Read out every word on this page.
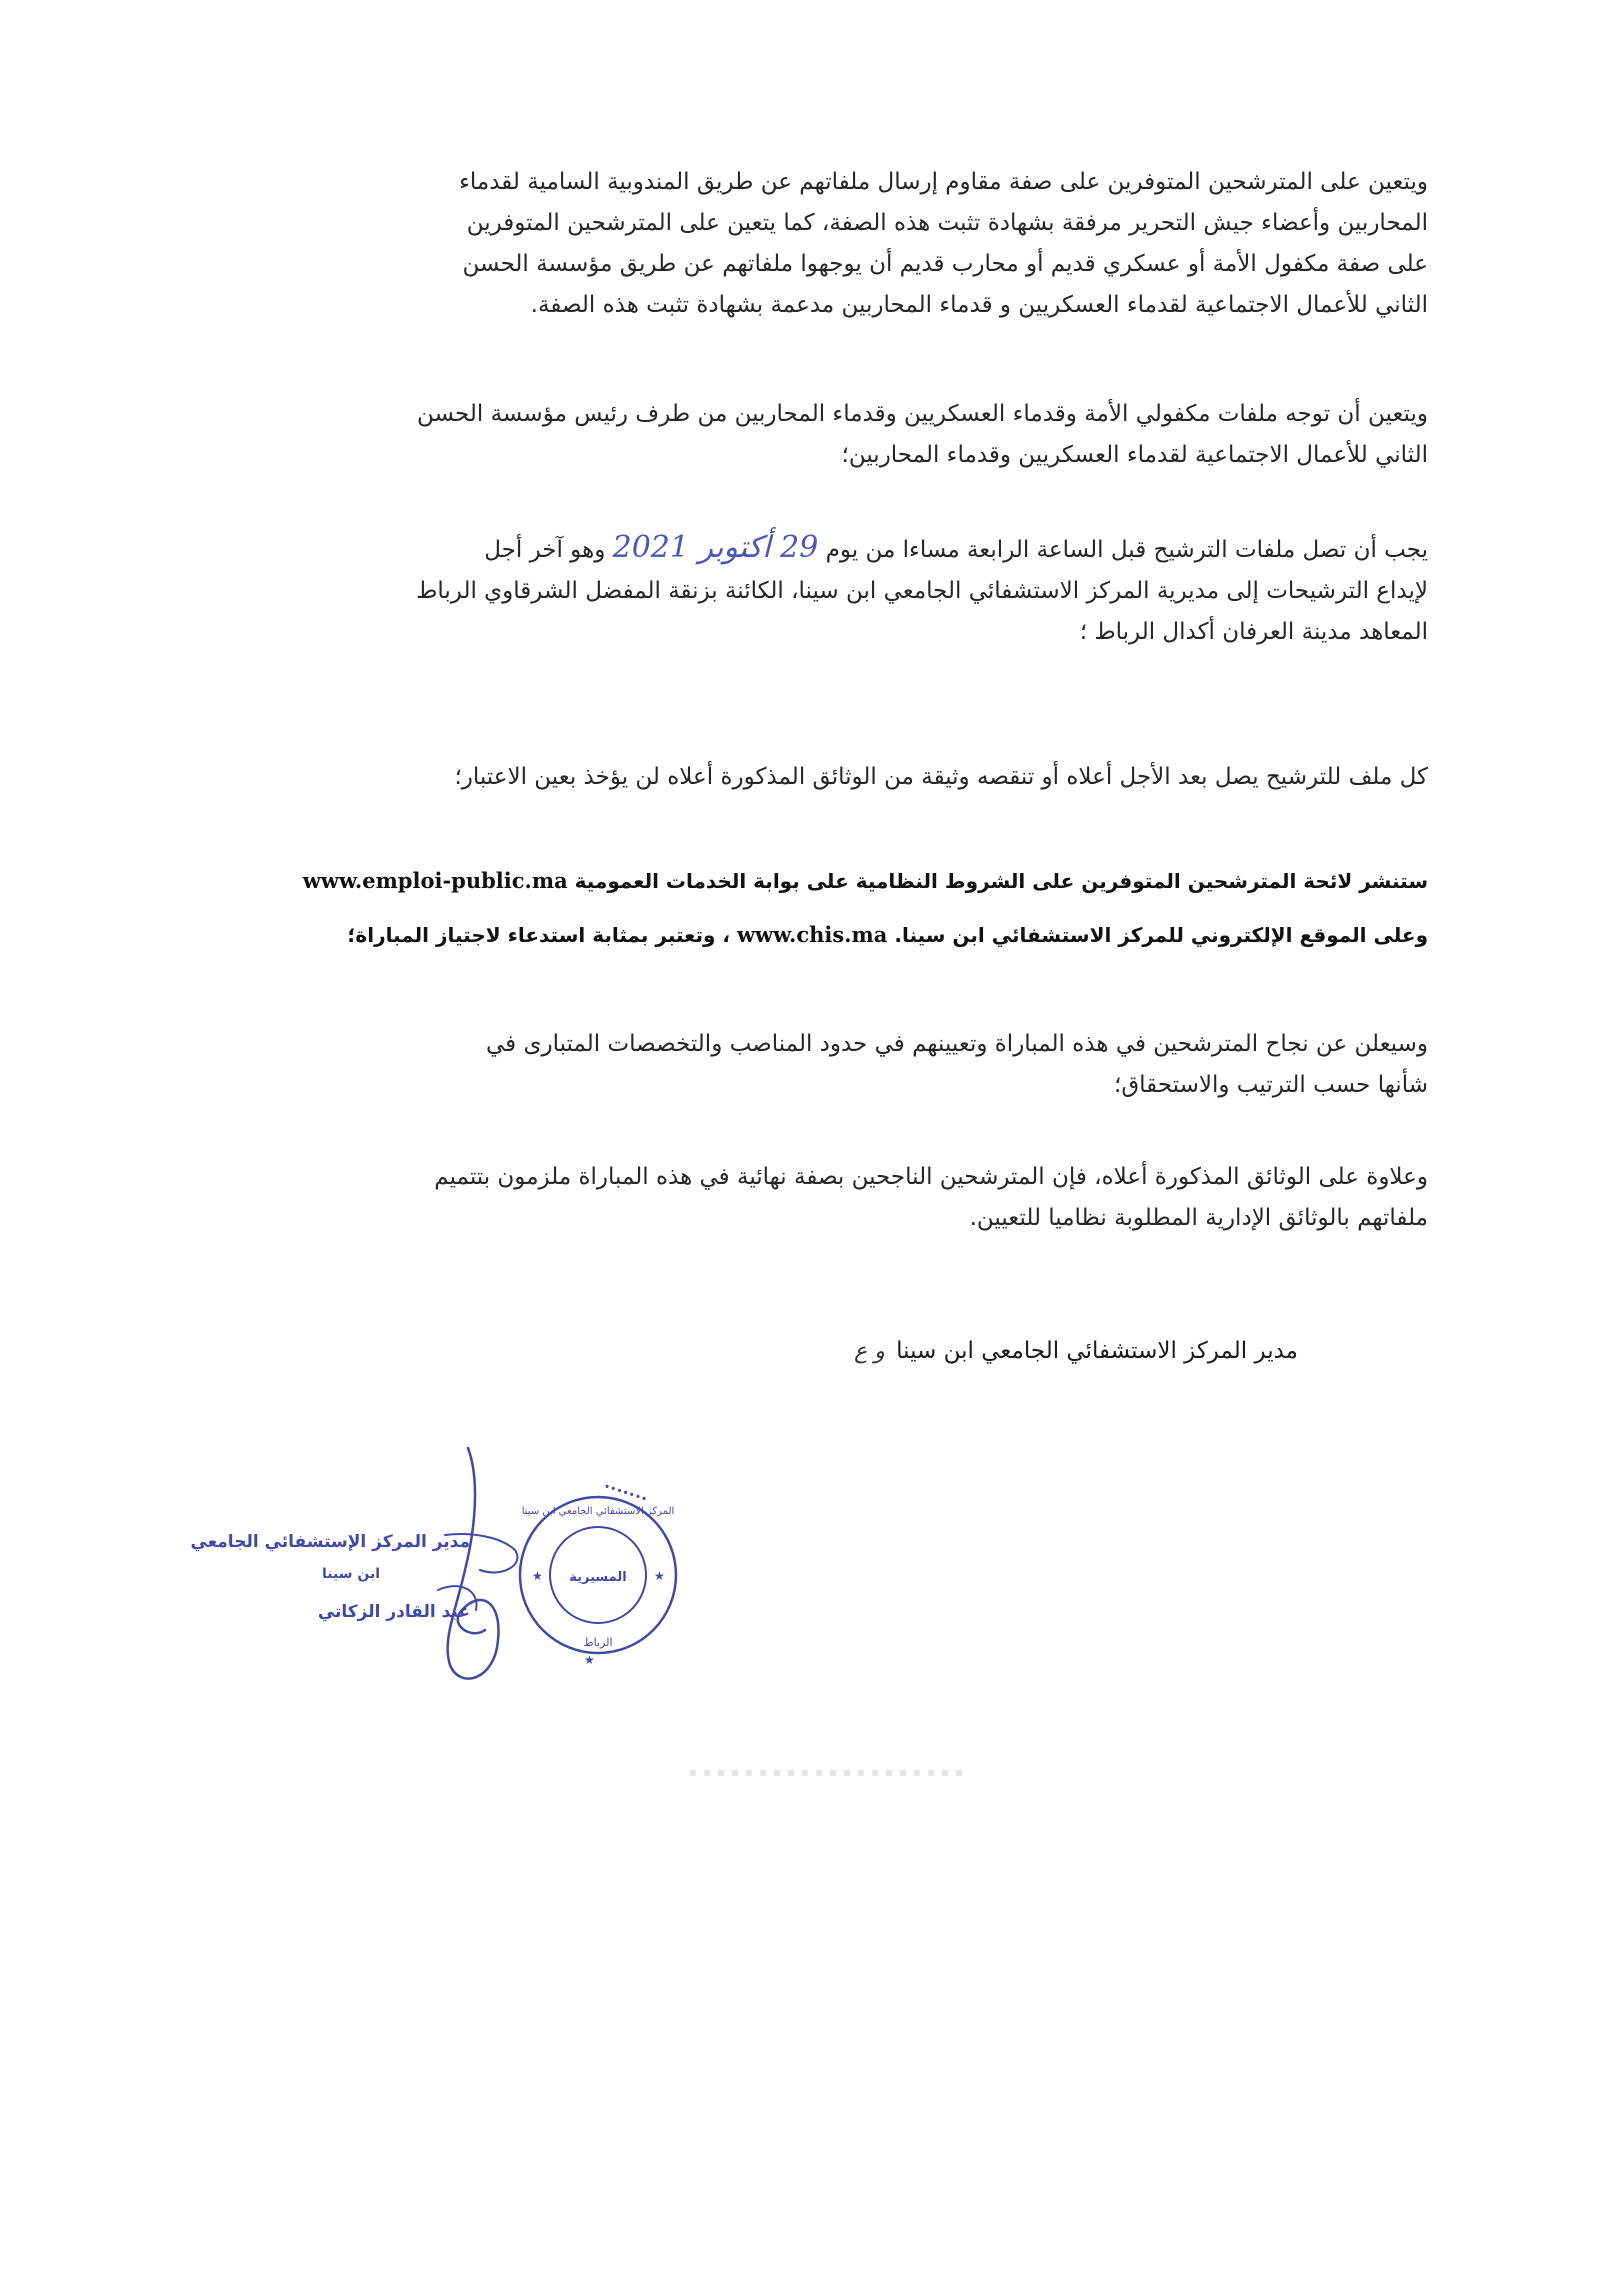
ويتعين على المترشحين المتوفرين على صفة مقاوم إرسال ملفاتهم عن طريق المندوبية السامية لقدماء
المحاربين وأعضاء جيش التحرير مرفقة بشهادة تثبت هذه الصفة، كما يتعين على المترشحين المتوفرين
على صفة مكفول الأمة أو عسكري قديم أو محارب قديم أن يوجهوا ملفاتهم عن طريق مؤسسة الحسن
الثاني للأعمال الاجتماعية لقدماء العسكريين و قدماء المحاربين مدعمة بشهادة تثبت هذه الصفة.
ويتعين أن توجه ملفات مكفولي الأمة وقدماء العسكريين وقدماء المحاربين من طرف رئيس مؤسسة الحسن
الثاني للأعمال الاجتماعية لقدماء العسكريين وقدماء المحاربين؛
يجب أن تصل ملفات الترشيح قبل الساعة الرابعة مساءا من يوم 29 أكتوبر 2021 وهو آخر أجل
لإيداع الترشيحات إلى مديرية المركز الاستشفائي الجامعي ابن سينا، الكائنة بزنقة المفضل الشرقاوي الرباط
المعاهد مدينة العرفان أكدال الرباط ؛
كل ملف للترشيح يصل بعد الأجل أعلاه أو تنقصه وثيقة من الوثائق المذكورة أعلاه لن يؤخذ بعين الاعتبار؛
ستنشر لائحة المترشحين المتوفرين على الشروط النظامية على بوابة الخدمات العمومية www.emploi-public.ma
وعلى الموقع الإلكتروني للمركز الاستشفائي ابن سينا. www.chis.ma ، وتعتبر بمثابة استدعاء لاجتياز المباراة؛
وسيعلن عن نجاح المترشحين في هذه المباراة وتعيينهم في حدود المناصب والتخصصات المتبارى في
شأنها حسب الترتيب والاستحقاق؛
وعلاوة على الوثائق المذكورة أعلاه، فإن المترشحين الناجحين بصفة نهائية في هذه المباراة ملزمون بتتميم
ملفاتهم بالوثائق الإدارية المطلوبة نظاميا للتعيين.
مدير المركز الاستشفائي الجامعي ابن سينا و ع
•••••••
★
★	★
المسيرية
الرباط
المركز الاستشفائي الجامعي ابن سينا
مدير المركز الإستشفائي الجامعي
ابن سينا
عبد القادر الزكاتي
